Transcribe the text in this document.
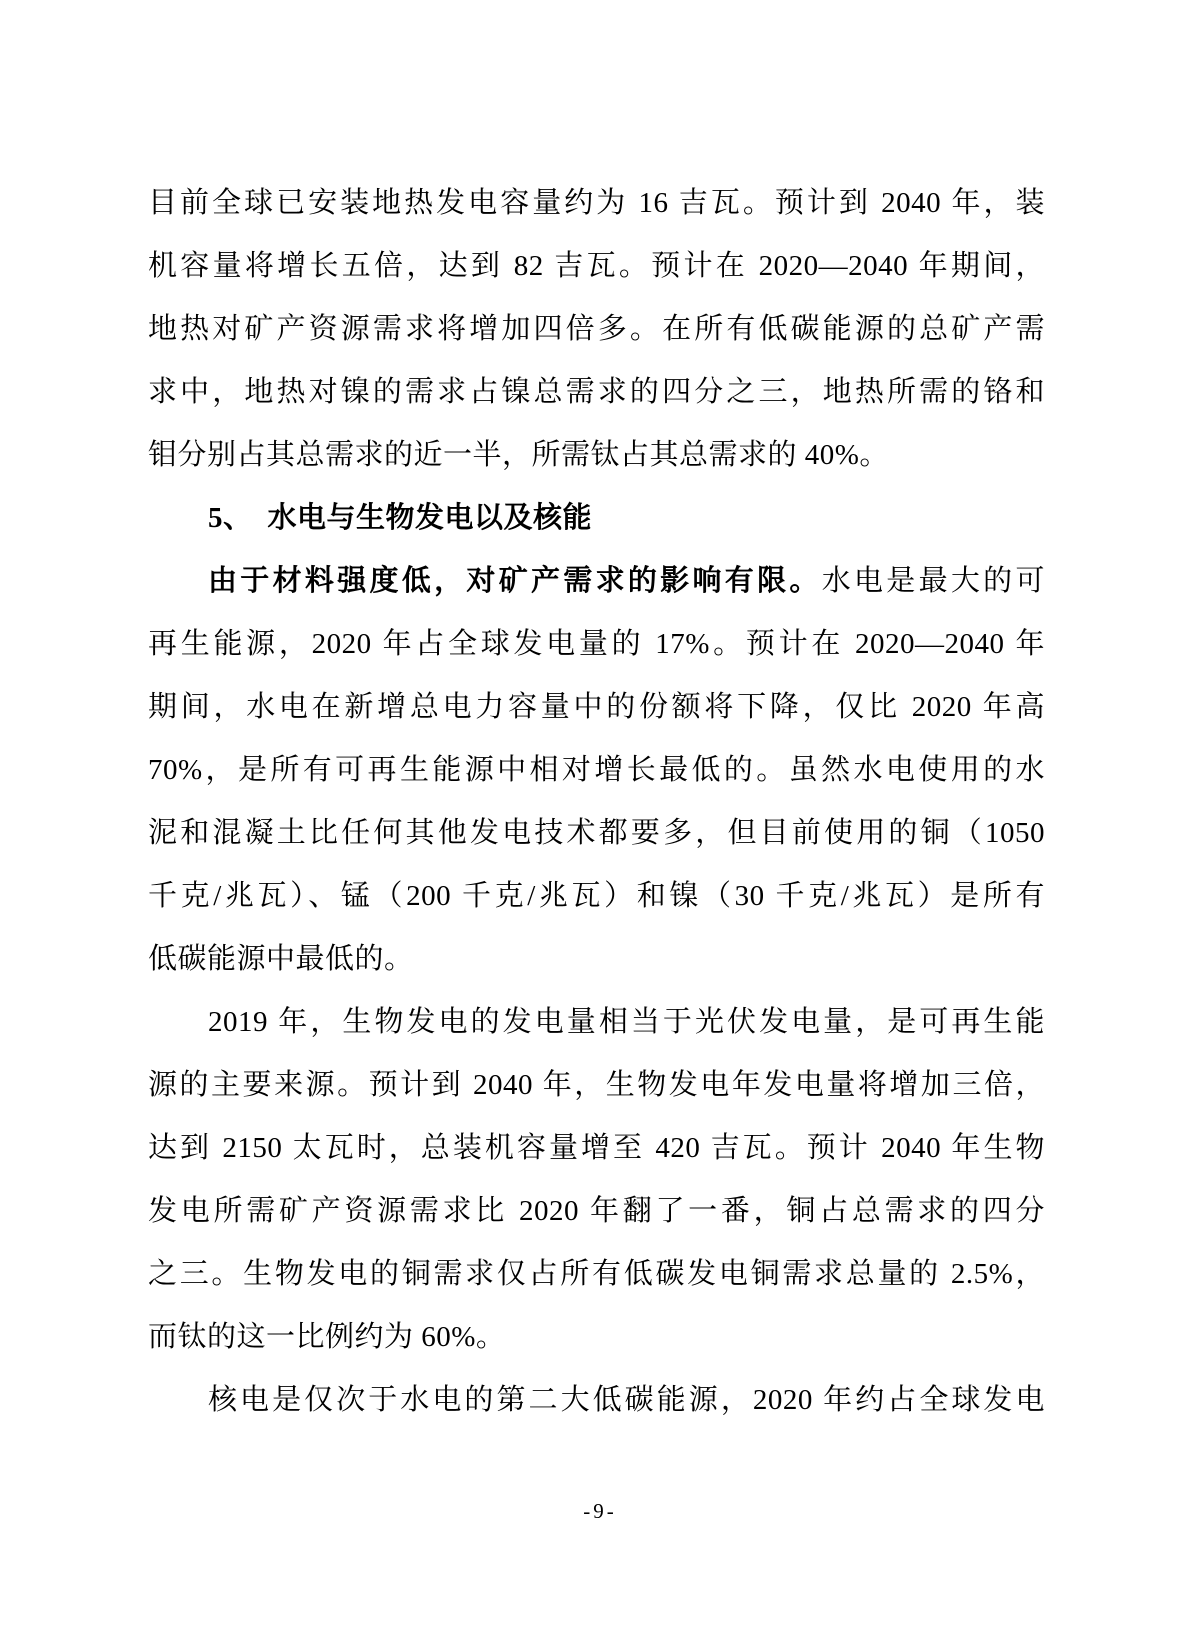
目前全球已安装地热发电容量约为 16 吉瓦。预计到 2040 年，装
机容量将增长五倍，达到 82 吉瓦。预计在 2020—2040 年期间，
地热对矿产资源需求将增加四倍多。在所有低碳能源的总矿产需
求中，地热对镍的需求占镍总需求的四分之三，地热所需的铬和
钼分别占其总需求的近一半，所需钛占其总需求的 40%。
5、　水电与生物发电以及核能
由于材料强度低，对矿产需求的影响有限。水电是最大的可
再生能源，2020 年占全球发电量的 17%。预计在 2020—2040 年
期间，水电在新增总电力容量中的份额将下降，仅比 2020 年高
70%，是所有可再生能源中相对增长最低的。虽然水电使用的水
泥和混凝土比任何其他发电技术都要多，但目前使用的铜（1050
千克/兆瓦）、锰（200 千克/兆瓦）和镍（30 千克/兆瓦）是所有
低碳能源中最低的。
2019 年，生物发电的发电量相当于光伏发电量，是可再生能
源的主要来源。预计到 2040 年，生物发电年发电量将增加三倍，
达到 2150 太瓦时，总装机容量增至 420 吉瓦。预计 2040 年生物
发电所需矿产资源需求比 2020 年翻了一番，铜占总需求的四分
之三。生物发电的铜需求仅占所有低碳发电铜需求总量的 2.5%，
而钛的这一比例约为 60%。
核电是仅次于水电的第二大低碳能源，2020 年约占全球发电
-9-
